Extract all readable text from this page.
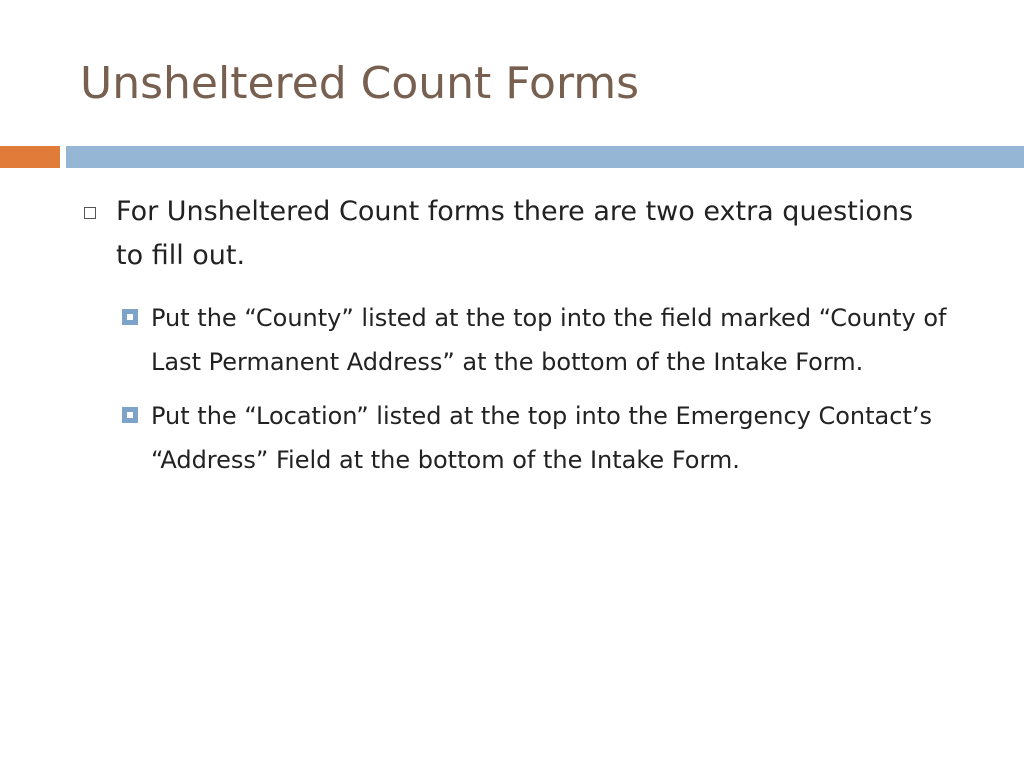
Unsheltered Count Forms
For Unsheltered Count forms there are two extra questions to fill out.
Put the “County” listed at the top into the field marked “County of Last Permanent Address” at the bottom of the Intake Form.
Put the “Location” listed at the top into the Emergency Contact’s “Address” Field at the bottom of the Intake Form.
